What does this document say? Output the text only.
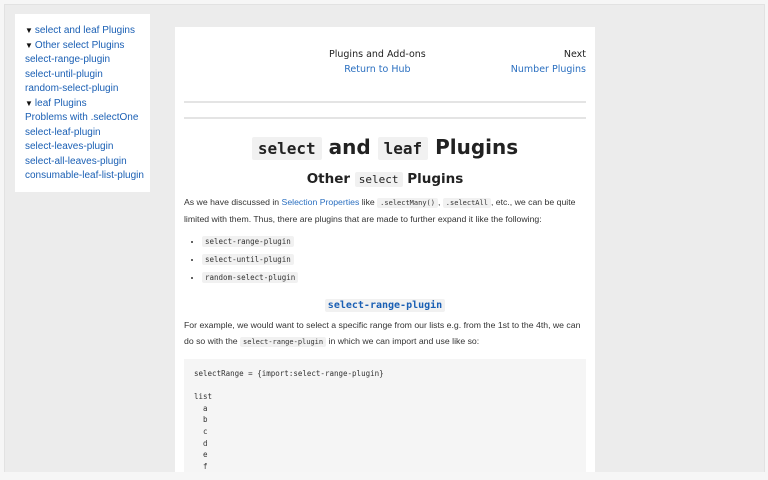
▼ select and leaf Plugins
▼ Other select Plugins
select-range-plugin
select-until-plugin
random-select-plugin
▼ leaf Plugins
Problems with .selectOne
select-leaf-plugin
select-leaves-plugin
select-all-leaves-plugin
consumable-leaf-list-plugin
Plugins and Add-ons
Return to Hub
Next
Number Plugins
select and leaf Plugins
Other select Plugins

As we have discussed in Selection Properties like .selectMany() , .selectAll , etc., we can be quite limited with them. Thus, there are plugins that are made to further expand it like the following:

• select-range-plugin
• select-until-plugin
• random-select-plugin
select-range-plugin

For example, we would want to select a specific range from our lists e.g. from the 1st to the 4th, we can do so with the select-range-plugin in which we can import and use like so:

selectRange = {import:select-range-plugin}

list
a
b
c
d
e
f
